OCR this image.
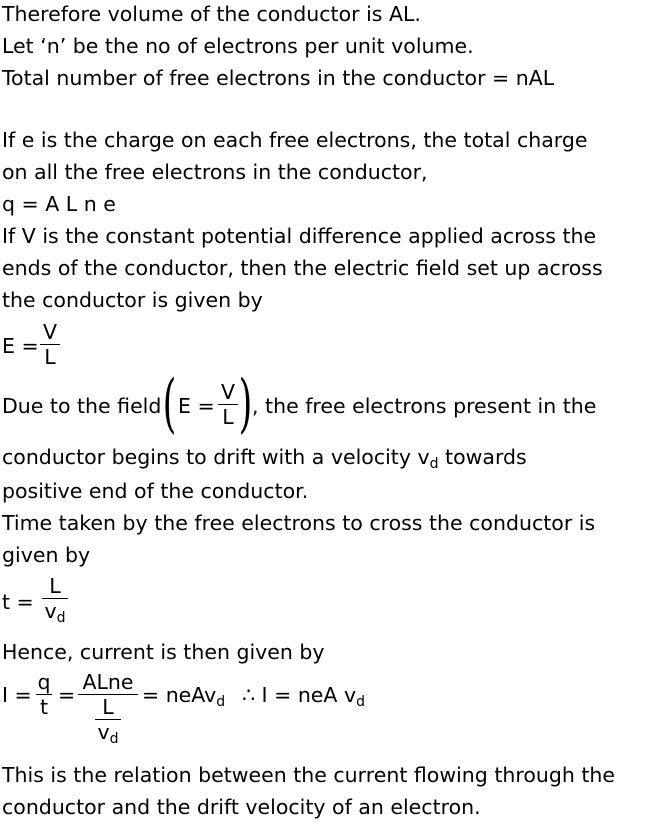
Therefore volume of the conductor is AL.
Let ‘n’ be the no of electrons per unit volume.
Total number of free electrons in the conductor = nAL
If e is the charge on each free electrons, the total charge
on all the free electrons in the conductor,
q = A L n e
If V is the constant potential difference applied across the
ends of the conductor, then the electric field set up across
the conductor is given by
E =
V
L
Due to the field ( E =
V
L ) , the free electrons present in the
conductor begins to drift with a velocity $v_d$ towards
positive end of the conductor.
Time taken by the free electrons to cross the conductor is
given by
t =
L
$v_d$
Hence, current is then given by
I =
q
t =
ALne
$\frac{L}{v_d}$ = neAv$_d$ ∴ I = neA $v_d$
This is the relation between the current flowing through the
conductor and the drift velocity of an electron.
